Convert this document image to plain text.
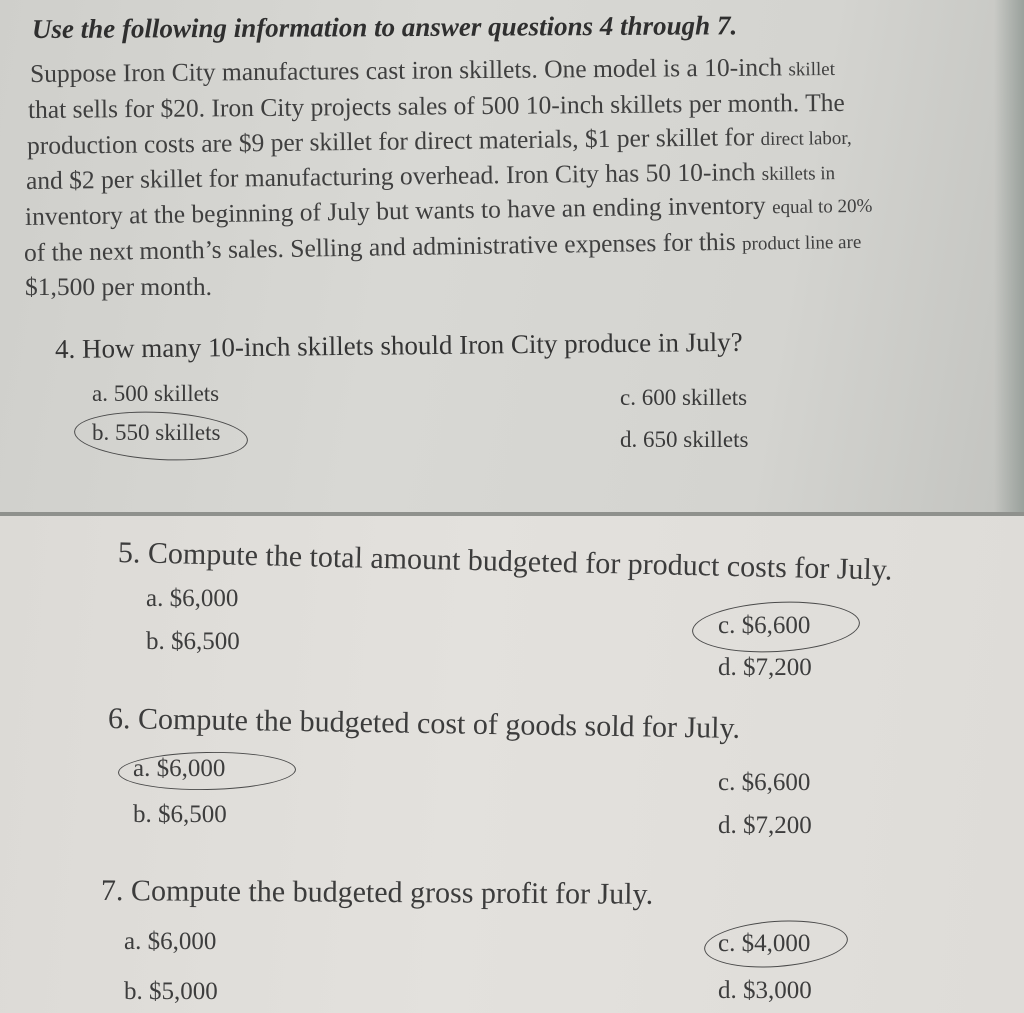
Use the following information to answer questions 4 through 7.
Suppose Iron City manufactures cast iron skillets. One model is a 10-inch skillet
that sells for $20. Iron City projects sales of 500 10-inch skillets per month. The
production costs are $9 per skillet for direct materials, $1 per skillet for direct labor,
and $2 per skillet for manufacturing overhead. Iron City has 50 10-inch skillets in
inventory at the beginning of July but wants to have an ending inventory equal to 20%
of the next month’s sales. Selling and administrative expenses for this product line are
$1,500 per month.
4. How many 10-inch skillets should Iron City produce in July?
a. 500 skillets
b. 550 skillets
c. 600 skillets
d. 650 skillets
5. Compute the total amount budgeted for product costs for July.
a. $6,000
b. $6,500
c. $6,600
d. $7,200
6. Compute the budgeted cost of goods sold for July.
a. $6,000
b. $6,500
c. $6,600
d. $7,200
7. Compute the budgeted gross profit for July.
a. $6,000
b. $5,000
c. $4,000
d. $3,000
